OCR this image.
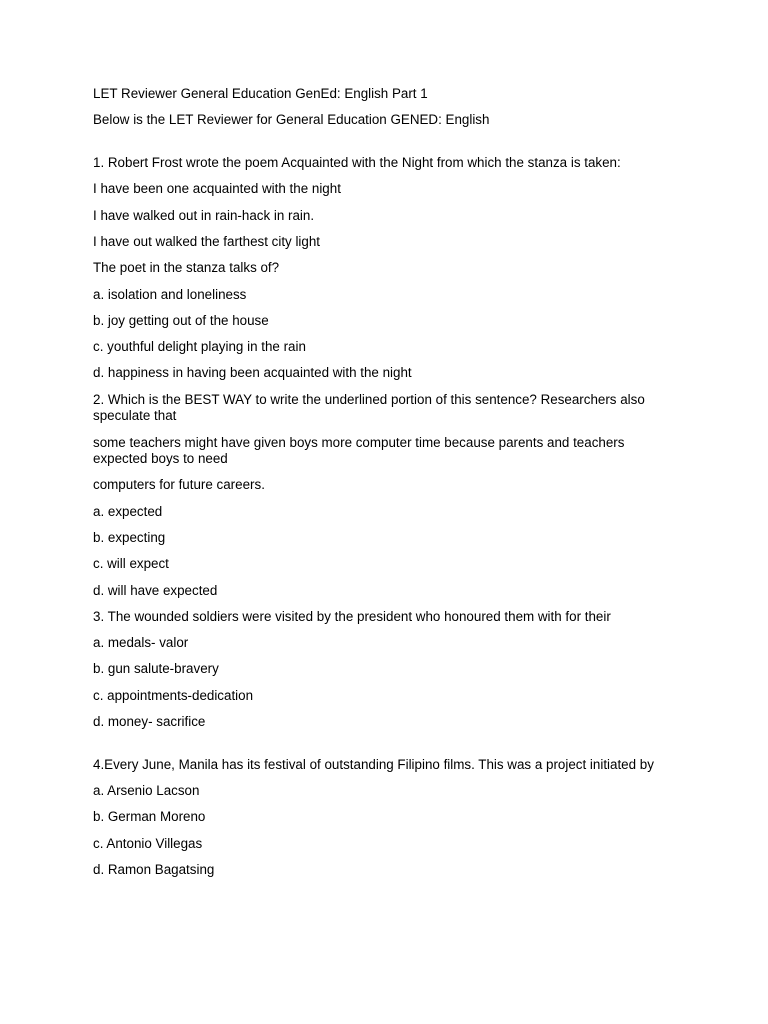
LET Reviewer General Education GenEd: English Part 1

Below is the LET Reviewer for General Education GENED: English

1. Robert Frost wrote the poem Acquainted with the Night from which the stanza is taken:

I have been one acquainted with the night

I have walked out in rain-hack in rain.

I have out walked the farthest city light

The poet in the stanza talks of?

a. isolation and loneliness

b. joy getting out of the house

c. youthful delight playing in the rain

d. happiness in having been acquainted with the night

2. Which is the BEST WAY to write the underlined portion of this sentence? Researchers also speculate that

some teachers might have given boys more computer time because parents and teachers expected boys to need

computers for future careers.

a. expected

b. expecting

c. will expect

d. will have expected

3. The wounded soldiers were visited by the president who honoured them with for their

a. medals- valor

b. gun salute-bravery

c. appointments-dedication

d. money- sacrifice

4.Every June, Manila has its festival of outstanding Filipino films. This was a project initiated by

a. Arsenio Lacson

b. German Moreno

c. Antonio Villegas

d. Ramon Bagatsing
